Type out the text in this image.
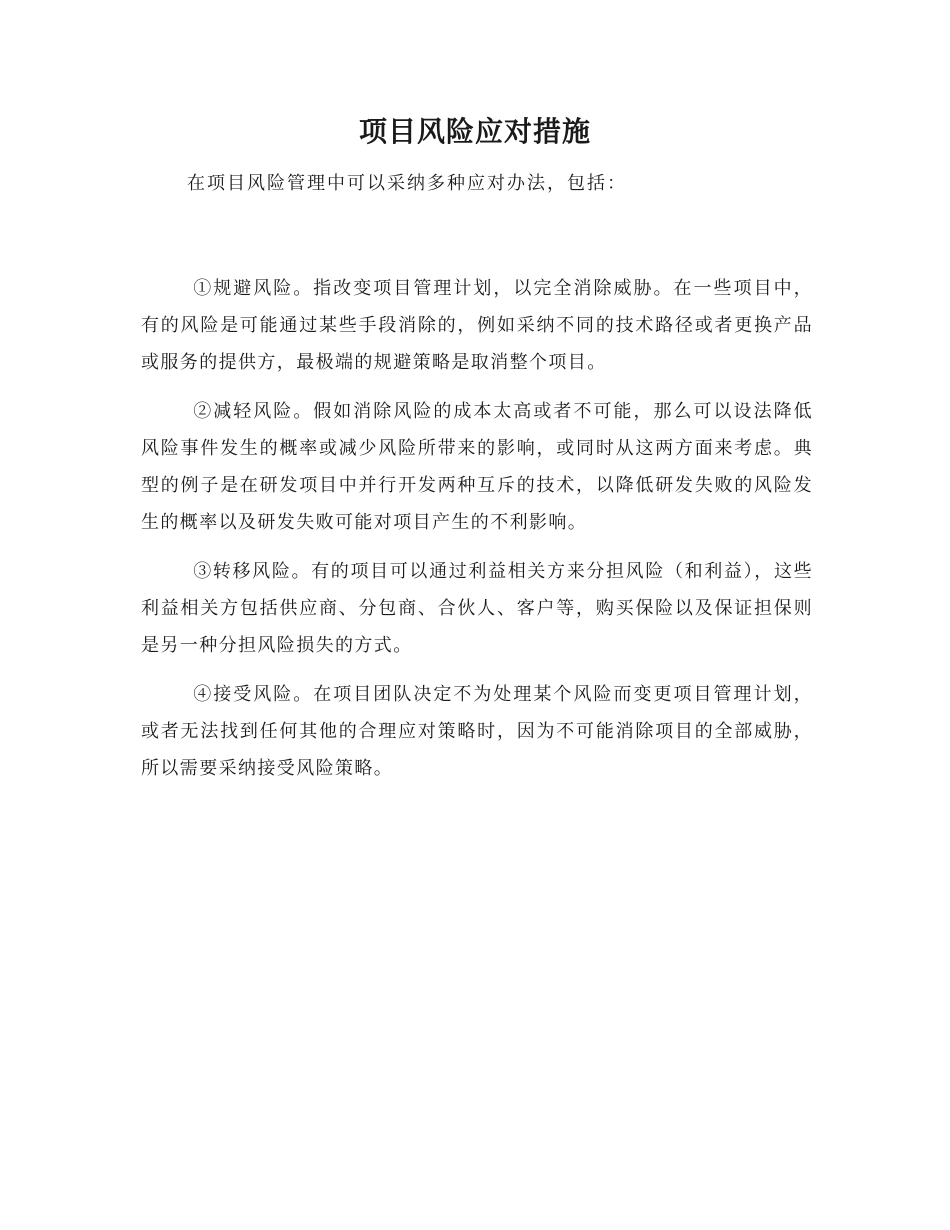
项目风险应对措施

在项目风险管理中可以采纳多种应对办法，包括：

①规避风险。指改变项目管理计划，以完全消除威胁。在一些项目中，有的风险是可能通过某些手段消除的，例如采纳不同的技术路径或者更换产品或服务的提供方，最极端的规避策略是取消整个项目。

②减轻风险。假如消除风险的成本太高或者不可能，那么可以设法降低风险事件发生的概率或减少风险所带来的影响，或同时从这两方面来考虑。典型的例子是在研发项目中并行开发两种互斥的技术，以降低研发失败的风险发生的概率以及研发失败可能对项目产生的不利影响。

③转移风险。有的项目可以通过利益相关方来分担风险（和利益），这些利益相关方包括供应商、分包商、合伙人、客户等，购买保险以及保证担保则是另一种分担风险损失的方式。

④接受风险。在项目团队决定不为处理某个风险而变更项目管理计划，或者无法找到任何其他的合理应对策略时，因为不可能消除项目的全部威胁，所以需要采纳接受风险策略。
